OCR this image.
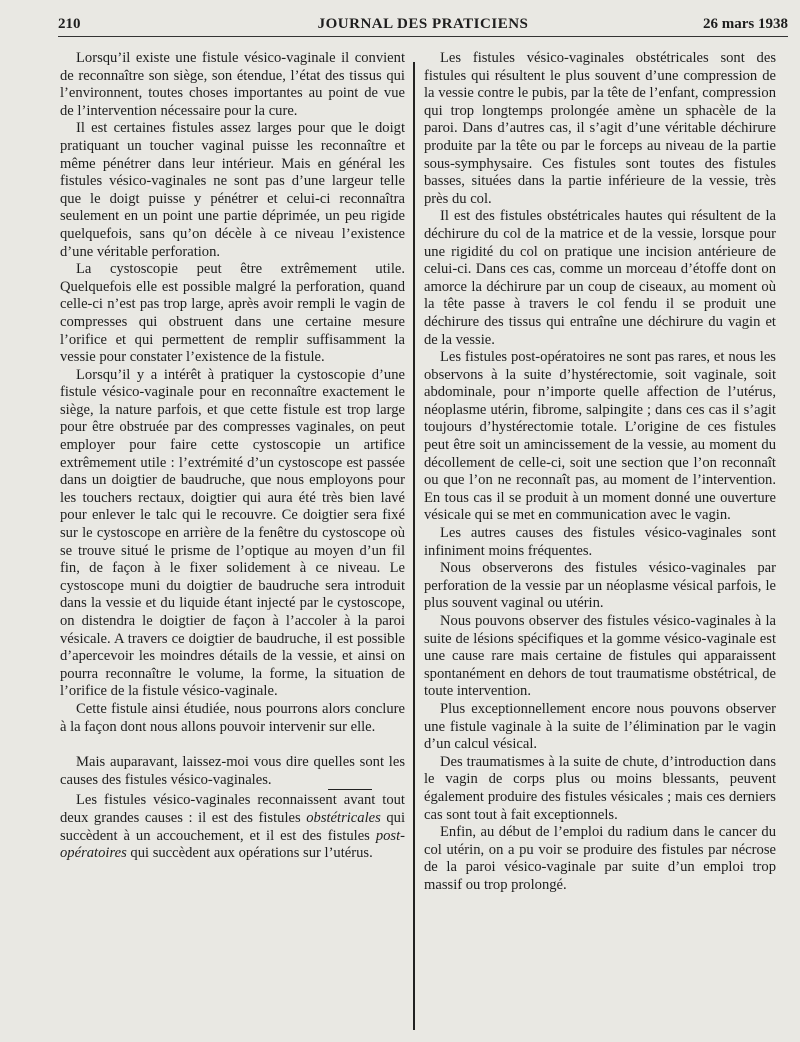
210	JOURNAL DES PRATICIENS	26 mars 1938

Lorsqu’il existe une fistule vésico-vaginale il convient de reconnaître son siège, son étendue, l’état des tissus qui l’environnent, toutes choses importantes au point de vue de l’intervention nécessaire pour la cure.

Il est certaines fistules assez larges pour que le doigt pratiquant un toucher vaginal puisse les reconnaître et même pénétrer dans leur intérieur. Mais en général les fistules vésico-vaginales ne sont pas d’une largeur telle que le doigt puisse y pénétrer et celui-ci reconnaîtra seulement en un point une partie déprimée, un peu rigide quelquefois, sans qu’on décèle à ce niveau l’existence d’une véritable perforation.

La cystoscopie peut être extrêmement utile. Quelquefois elle est possible malgré la perforation, quand celle-ci n’est pas trop large, après avoir rempli le vagin de compresses qui obstruent dans une certaine mesure l’orifice et qui permettent de remplir suffisamment la vessie pour constater l’existence de la fistule.

Lorsqu’il y a intérêt à pratiquer la cystoscopie d’une fistule vésico-vaginale pour en reconnaître exactement le siège, la nature parfois, et que cette fistule est trop large pour être obstruée par des compresses vaginales, on peut employer pour faire cette cystoscopie un artifice extrêmement utile : l’extrémité d’un cystoscope est passée dans un doigtier de baudruche, que nous employons pour les touchers rectaux, doigtier qui aura été très bien lavé pour enlever le talc qui le recouvre. Ce doigtier sera fixé sur le cystoscope en arrière de la fenêtre du cystoscope où se trouve situé le prisme de l’optique au moyen d’un fil fin, de façon à le fixer solidement à ce niveau. Le cystoscope muni du doigtier de baudruche sera introduit dans la vessie et du liquide étant injecté par le cystoscope, on distendra le doigtier de façon à l’accoler à la paroi vésicale. A travers ce doigtier de baudruche, il est possible d’apercevoir les moindres détails de la vessie, et ainsi on pourra reconnaître le volume, la forme, la situation de l’orifice de la fistule vésico-vaginale.

Cette fistule ainsi étudiée, nous pourrons alors conclure à la façon dont nous allons pouvoir intervenir sur elle.

Mais auparavant, laissez-moi vous dire quelles sont les causes des fistules vésico-vaginales.

Les fistules vésico-vaginales reconnaissent avant tout deux grandes causes : il est des fistules obstétricales qui succèdent à un accouchement, et il est des fistules post-opératoires qui succèdent aux opérations sur l’utérus.

Les fistules vésico-vaginales obstétricales sont des fistules qui résultent le plus souvent d’une compression de la vessie contre le pubis, par la tête de l’enfant, compression qui trop longtemps prolongée amène un sphacèle de la paroi. Dans d’autres cas, il s’agit d’une véritable déchirure produite par la tête ou par le forceps au niveau de la partie sous-symphysaire. Ces fistules sont toutes des fistules basses, situées dans la partie inférieure de la vessie, très près du col.

Il est des fistules obstétricales hautes qui résultent de la déchirure du col de la matrice et de la vessie, lorsque pour une rigidité du col on pratique une incision antérieure de celui-ci. Dans ces cas, comme un morceau d’étoffe dont on amorce la déchirure par un coup de ciseaux, au moment où la tête passe à travers le col fendu il se produit une déchirure des tissus qui entraîne une déchirure du vagin et de la vessie.

Les fistules post-opératoires ne sont pas rares, et nous les observons à la suite d’hystérectomie, soit vaginale, soit abdominale, pour n’importe quelle affection de l’utérus, néoplasme utérin, fibrome, salpingite ; dans ces cas il s’agit toujours d’hystérectomie totale. L’origine de ces fistules peut être soit un amincissement de la vessie, au moment du décollement de celle-ci, soit une section que l’on reconnaît ou que l’on ne reconnaît pas, au moment de l’intervention. En tous cas il se produit à un moment donné une ouverture vésicale qui se met en communication avec le vagin.

Les autres causes des fistules vésico-vaginales sont infiniment moins fréquentes.

Nous observerons des fistules vésico-vaginales par perforation de la vessie par un néoplasme vésical parfois, le plus souvent vaginal ou utérin.

Nous pouvons observer des fistules vésico-vaginales à la suite de lésions spécifiques et la gomme vésico-vaginale est une cause rare mais certaine de fistules qui apparaissent spontanément en dehors de tout traumatisme obstétrical, de toute intervention.

Plus exceptionnellement encore nous pouvons observer une fistule vaginale à la suite de l’élimination par le vagin d’un calcul vésical.

Des traumatismes à la suite de chute, d’introduction dans le vagin de corps plus ou moins blessants, peuvent également produire des fistules vésicales ; mais ces derniers cas sont tout à fait exceptionnels.

Enfin, au début de l’emploi du radium dans le cancer du col utérin, on a pu voir se produire des fistules par nécrose de la paroi vésico-vaginale par suite d’un emploi trop massif ou trop prolongé.
